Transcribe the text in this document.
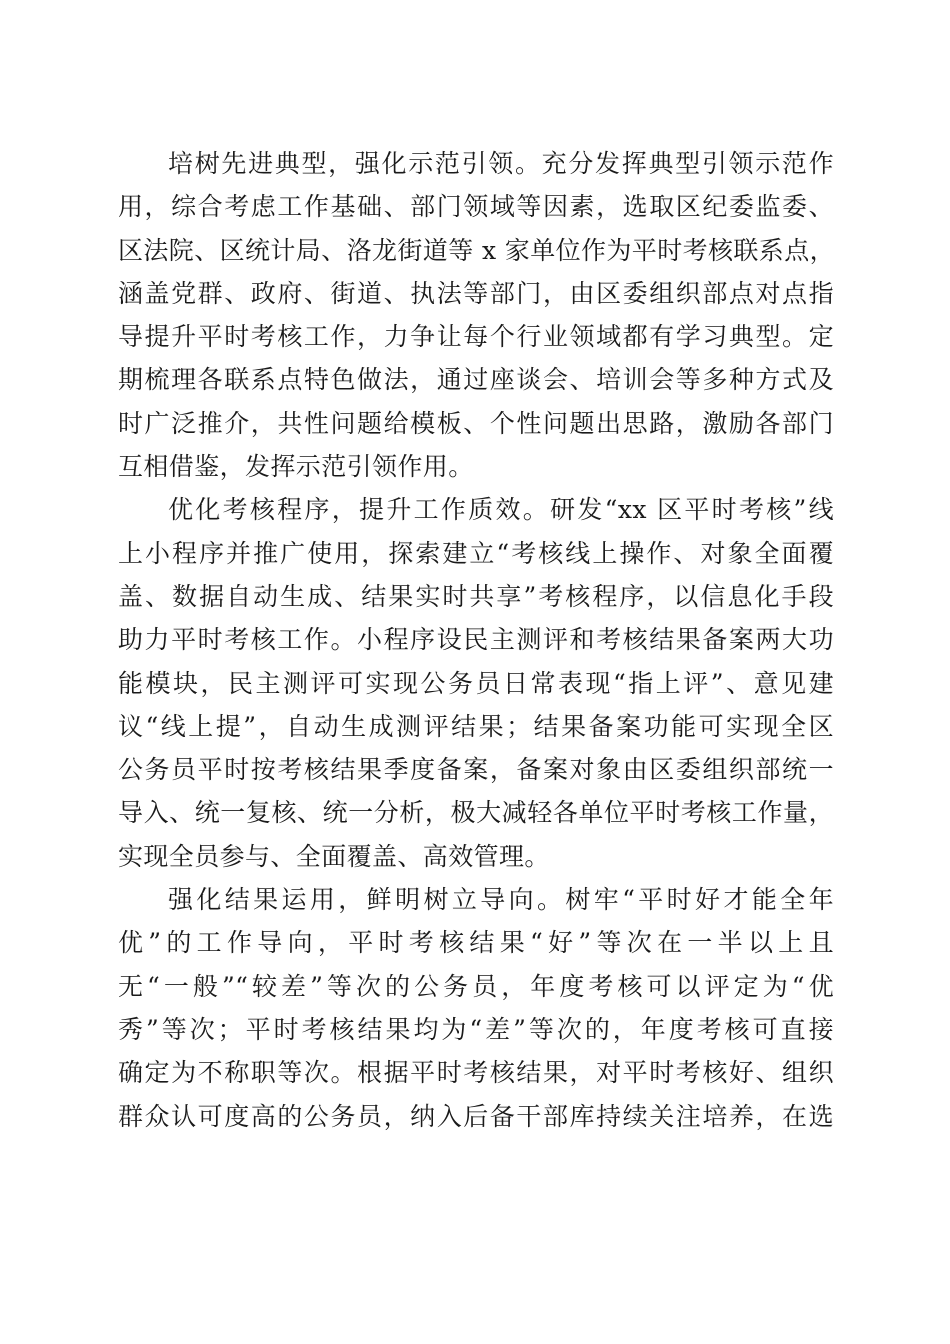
培树先进典型，强化示范引领。充分发挥典型引领示范作
用，综合考虑工作基础、部门领域等因素，选取区纪委监委、
区法院、区统计局、洛龙街道等 x 家单位作为平时考核联系点，
涵盖党群、政府、街道、执法等部门，由区委组织部点对点指
导提升平时考核工作，力争让每个行业领域都有学习典型。定
期梳理各联系点特色做法，通过座谈会、培训会等多种方式及
时广泛推介，共性问题给模板、个性问题出思路，激励各部门
互相借鉴，发挥示范引领作用。
优化考核程序，提升工作质效。研发“xx 区平时考核”线
上小程序并推广使用，探索建立“考核线上操作、对象全面覆
盖、数据自动生成、结果实时共享”考核程序，以信息化手段
助力平时考核工作。小程序设民主测评和考核结果备案两大功
能模块，民主测评可实现公务员日常表现“指上评”、意见建
议“线上提”，自动生成测评结果；结果备案功能可实现全区
公务员平时按考核结果季度备案，备案对象由区委组织部统一
导入、统一复核、统一分析，极大减轻各单位平时考核工作量，
实现全员参与、全面覆盖、高效管理。
强化结果运用，鲜明树立导向。树牢“平时好才能全年
优”的工作导向，平时考核结果“好”等次在一半以上且
无“一般”“较差”等次的公务员，年度考核可以评定为“优
秀”等次；平时考核结果均为“差”等次的，年度考核可直接
确定为不称职等次。根据平时考核结果，对平时考核好、组织
群众认可度高的公务员，纳入后备干部库持续关注培养，在选
